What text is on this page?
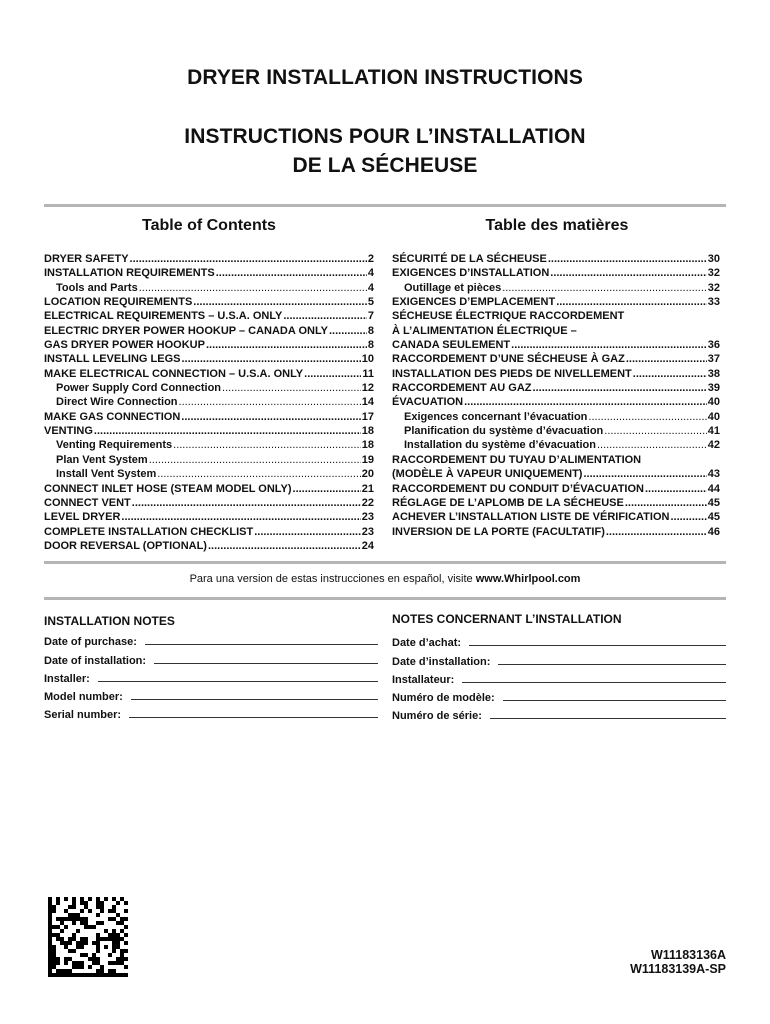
DRYER INSTALLATION INSTRUCTIONS
INSTRUCTIONS POUR L’INSTALLATION
DE LA SÉCHEUSE
Table of Contents	Table des matières
DRYER SAFETY .....	2
INSTALLATION REQUIREMENTS .....	4
Tools and Parts .....	4
LOCATION REQUIREMENTS .....	5
ELECTRICAL REQUIREMENTS – U.S.A. ONLY .....	7
ELECTRIC DRYER POWER HOOKUP – CANADA ONLY .....	8
GAS DRYER POWER HOOKUP .....	8
INSTALL LEVELING LEGS .....	10
MAKE ELECTRICAL CONNECTION – U.S.A. ONLY .....	11
Power Supply Cord Connection .....	12
Direct Wire Connection .....	14
MAKE GAS CONNECTION .....	17
VENTING .....	18
Venting Requirements .....	18
Plan Vent System .....	19
Install Vent System .....	20
CONNECT INLET HOSE (STEAM MODEL ONLY) .....	21
CONNECT VENT .....	22
LEVEL DRYER .....	23
COMPLETE INSTALLATION CHECKLIST .....	23
DOOR REVERSAL (OPTIONAL) .....	24
SÉCURITÉ DE LA SÉCHEUSE .....	30
EXIGENCES D’INSTALLATION .....	32
Outillage et pièces .....	32
EXIGENCES D’EMPLACEMENT .....	33
SÉCHEUSE ÉLECTRIQUE RACCORDEMENT
À L’ALIMENTATION ÉLECTRIQUE –
CANADA SEULEMENT .....	36
RACCORDEMENT D’UNE SÉCHEUSE À GAZ .....	37
INSTALLATION DES PIEDS DE NIVELLEMENT .....	38
RACCORDEMENT AU GAZ .....	39
ÉVACUATION .....	40
Exigences concernant l’évacuation .....	40
Planification du système d’évacuation .....	41
Installation du système d’évacuation .....	42
RACCORDEMENT DU TUYAU D’ALIMENTATION
(MODÈLE À VAPEUR UNIQUEMENT) .....	43
RACCORDEMENT DU CONDUIT D’ÉVACUATION .....	44
RÉGLAGE DE L’APLOMB DE LA SÉCHEUSE .....	45
ACHEVER L’INSTALLATION LISTE DE VÉRIFICATION .....	45
INVERSION DE LA PORTE (FACULTATIF) .....	46
Para una version de estas instrucciones en español, visite www.Whirlpool.com
INSTALLATION NOTES	NOTES CONCERNANT L’INSTALLATION
Date of purchase:
Date of installation:
Installer:
Model number:
Serial number:
Date d’achat:
Date d’installation:
Installateur:
Numéro de modèle:
Numéro de série:
W11183136A
W11183139A-SP
